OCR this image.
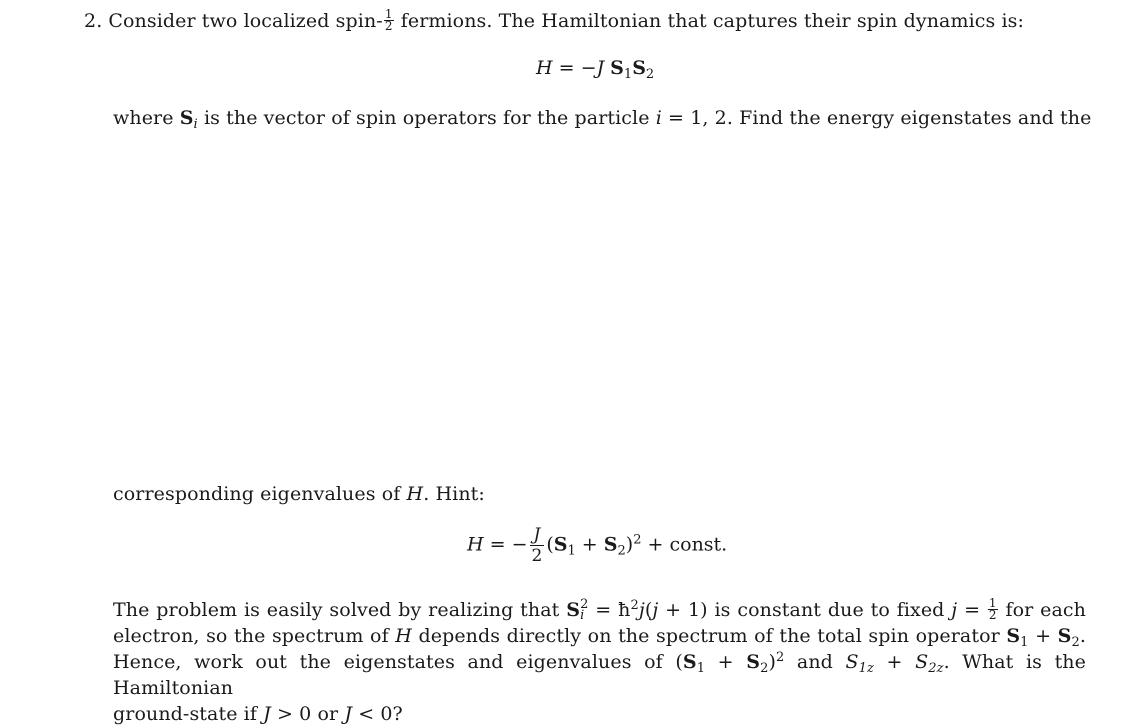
2. Consider two localized spin- $\frac{1}{2}$ fermions. The Hamiltonian that captures their spin dynamics is:
H = −J $S_1S_2$
where $S_i$ is the vector of spin operators for the particle i = 1, 2. Find the energy eigenstates and the
corresponding eigenvalues of H. Hint:
H = − $\frac{J}{2} (S_1 + S_2)^2$ + const.
The problem is easily solved by realizing that S 2
$i = ħ^2j(j + 1)$ is constant due to fixed $j = \frac{1}{2}$ for each
electron, so the spectrum of H depends directly on the spectrum of the total spin operator $S_1 + S_2$.
Hence, work out the eigenstates and eigenvalues of $(S_1 + S_2)^2$ and $S_{1z} + S_{2z}$. What is the Hamiltonian
ground-state if J > 0 or J < 0?
